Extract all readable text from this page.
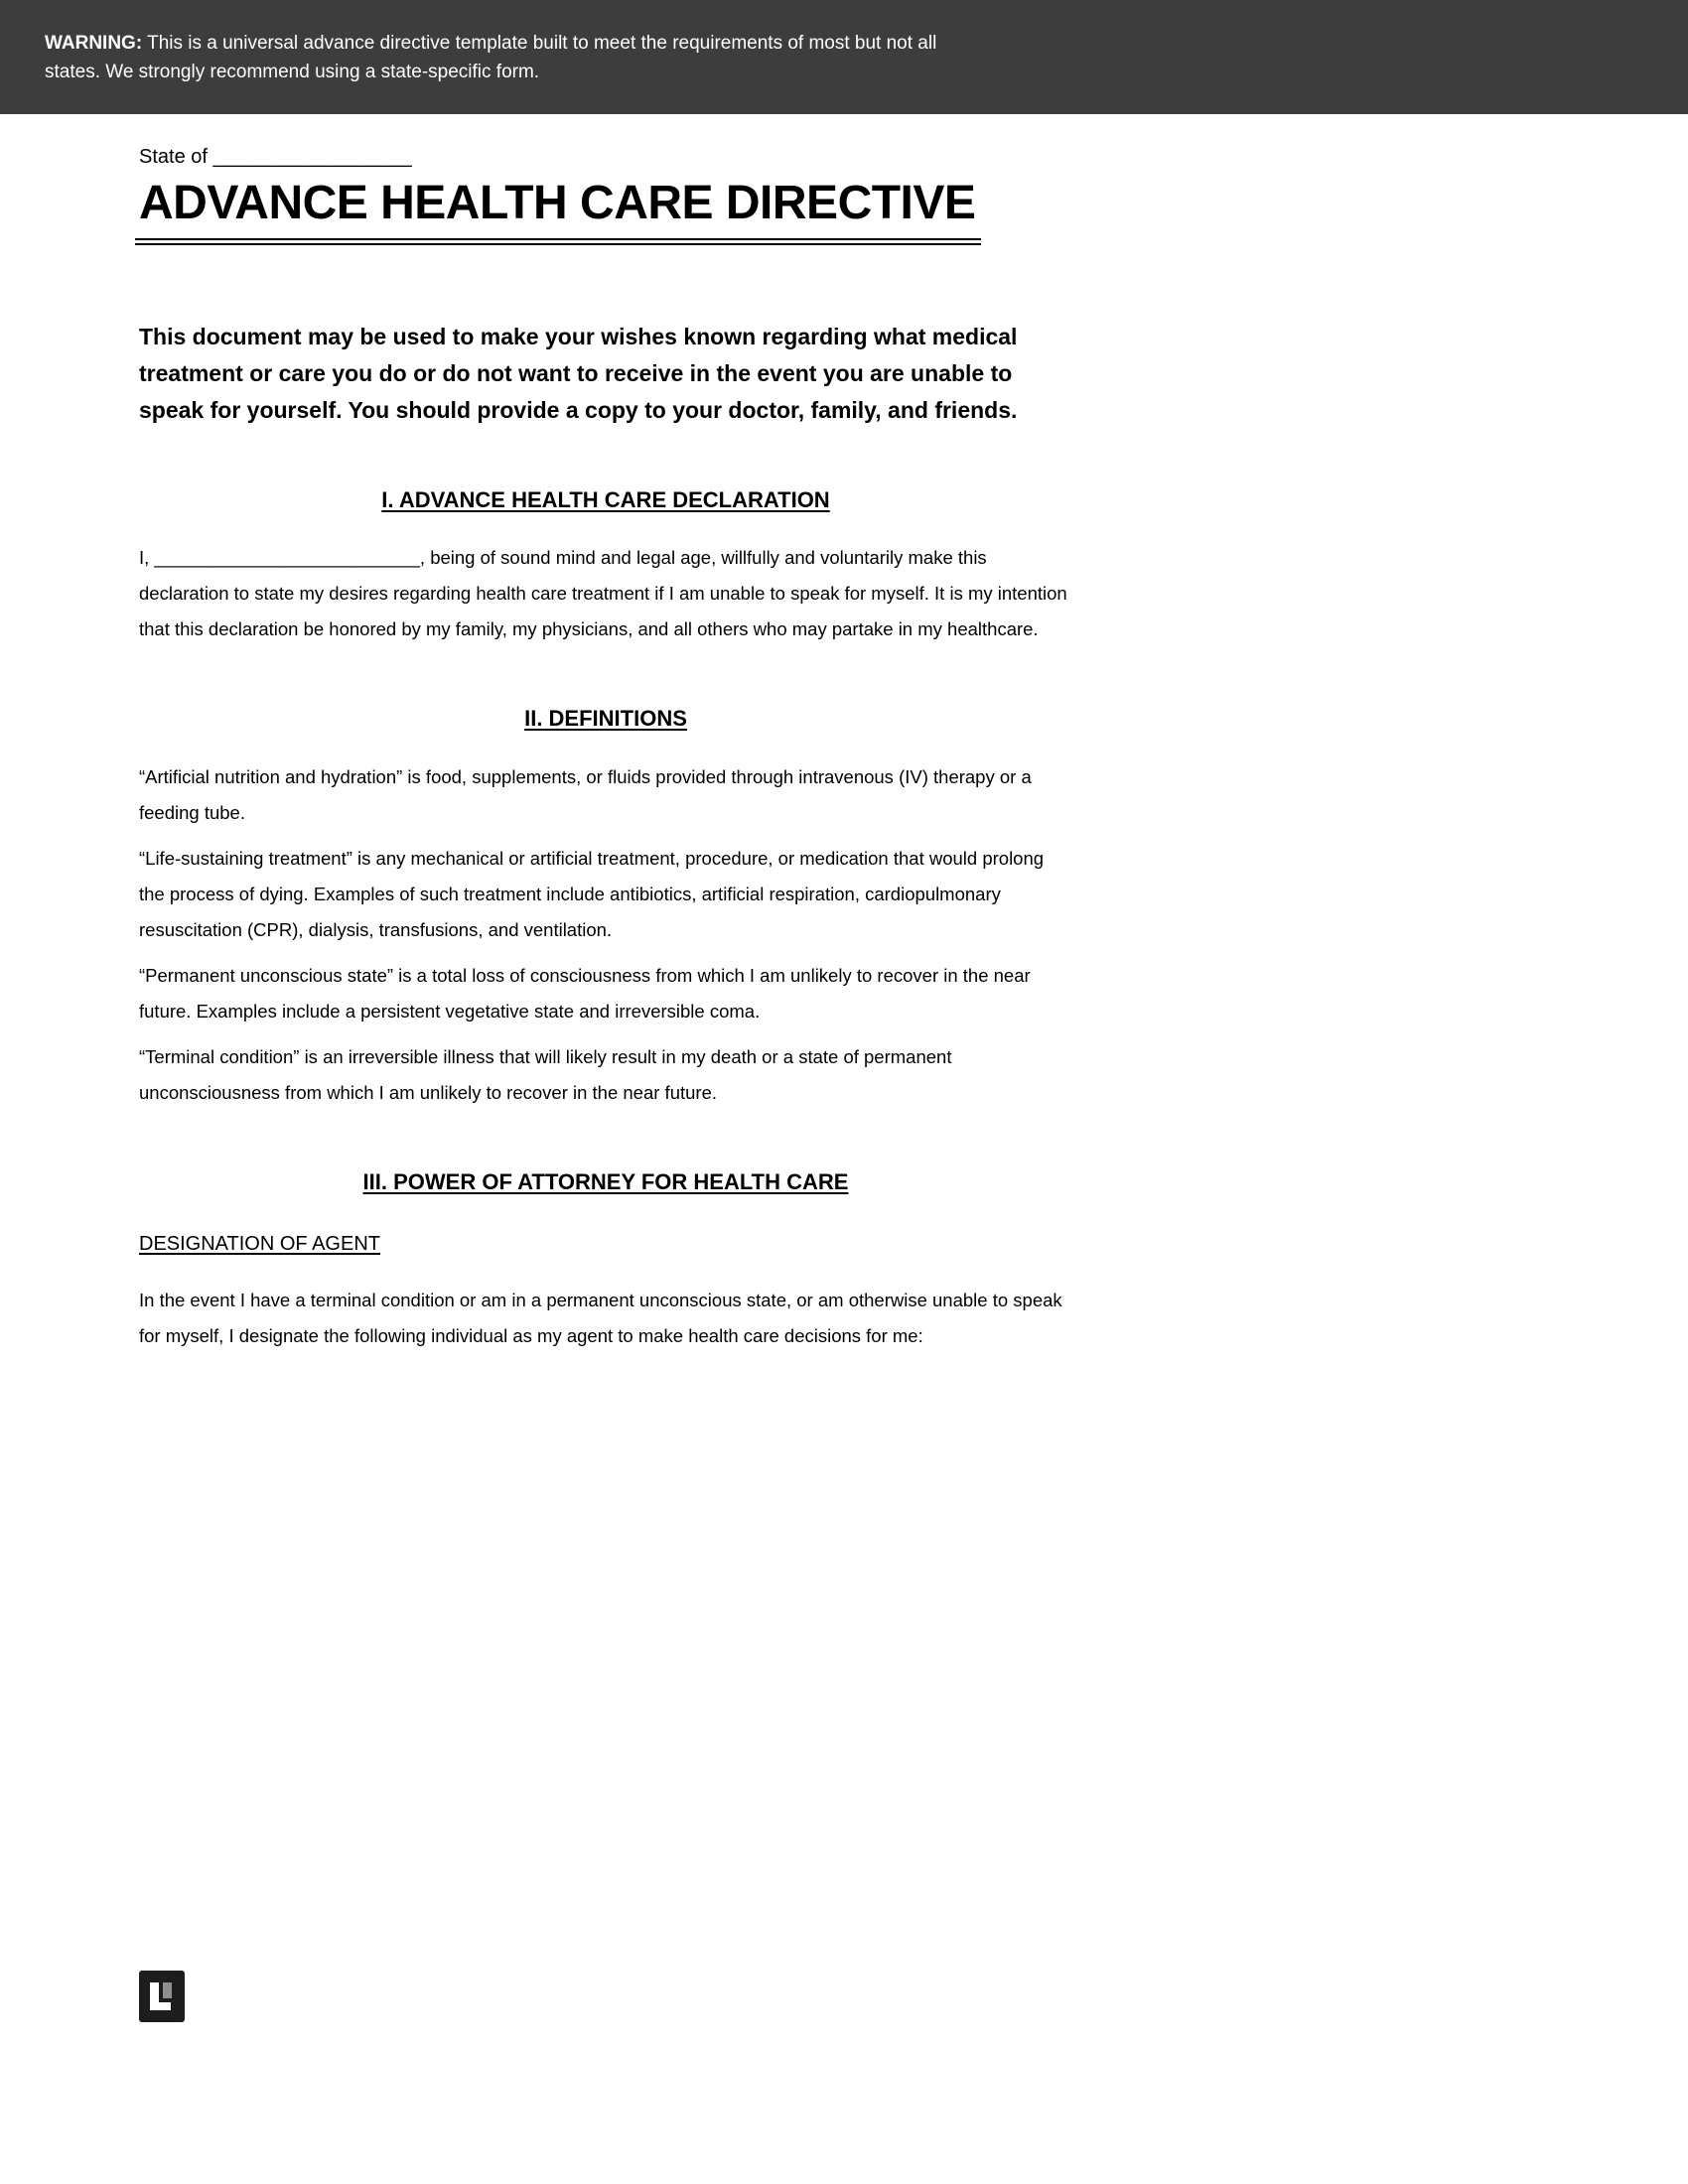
WARNING: This is a universal advance directive template built to meet the requirements of most but not all states. We strongly recommend using a state-specific form.

State of __________________

ADVANCE HEALTH CARE DIRECTIVE

This document may be used to make your wishes known regarding what medical treatment or care you do or do not want to receive in the event you are unable to speak for yourself. You should provide a copy to your doctor, family, and friends.

I. ADVANCE HEALTH CARE DECLARATION

I, __________________________, being of sound mind and legal age, willfully and voluntarily make this declaration to state my desires regarding health care treatment if I am unable to speak for myself. It is my intention that this declaration be honored by my family, my physicians, and all others who may partake in my healthcare.

II. DEFINITIONS

“Artificial nutrition and hydration” is food, supplements, or fluids provided through intravenous (IV) therapy or a feeding tube.

“Life-sustaining treatment” is any mechanical or artificial treatment, procedure, or medication that would prolong the process of dying. Examples of such treatment include antibiotics, artificial respiration, cardiopulmonary resuscitation (CPR), dialysis, transfusions, and ventilation.

“Permanent unconscious state” is a total loss of consciousness from which I am unlikely to recover in the near future. Examples include a persistent vegetative state and irreversible coma.

“Terminal condition” is an irreversible illness that will likely result in my death or a state of permanent unconsciousness from which I am unlikely to recover in the near future.

III. POWER OF ATTORNEY FOR HEALTH CARE

DESIGNATION OF AGENT

In the event I have a terminal condition or am in a permanent unconscious state, or am otherwise unable to speak for myself, I designate the following individual as my agent to make health care decisions for me:
